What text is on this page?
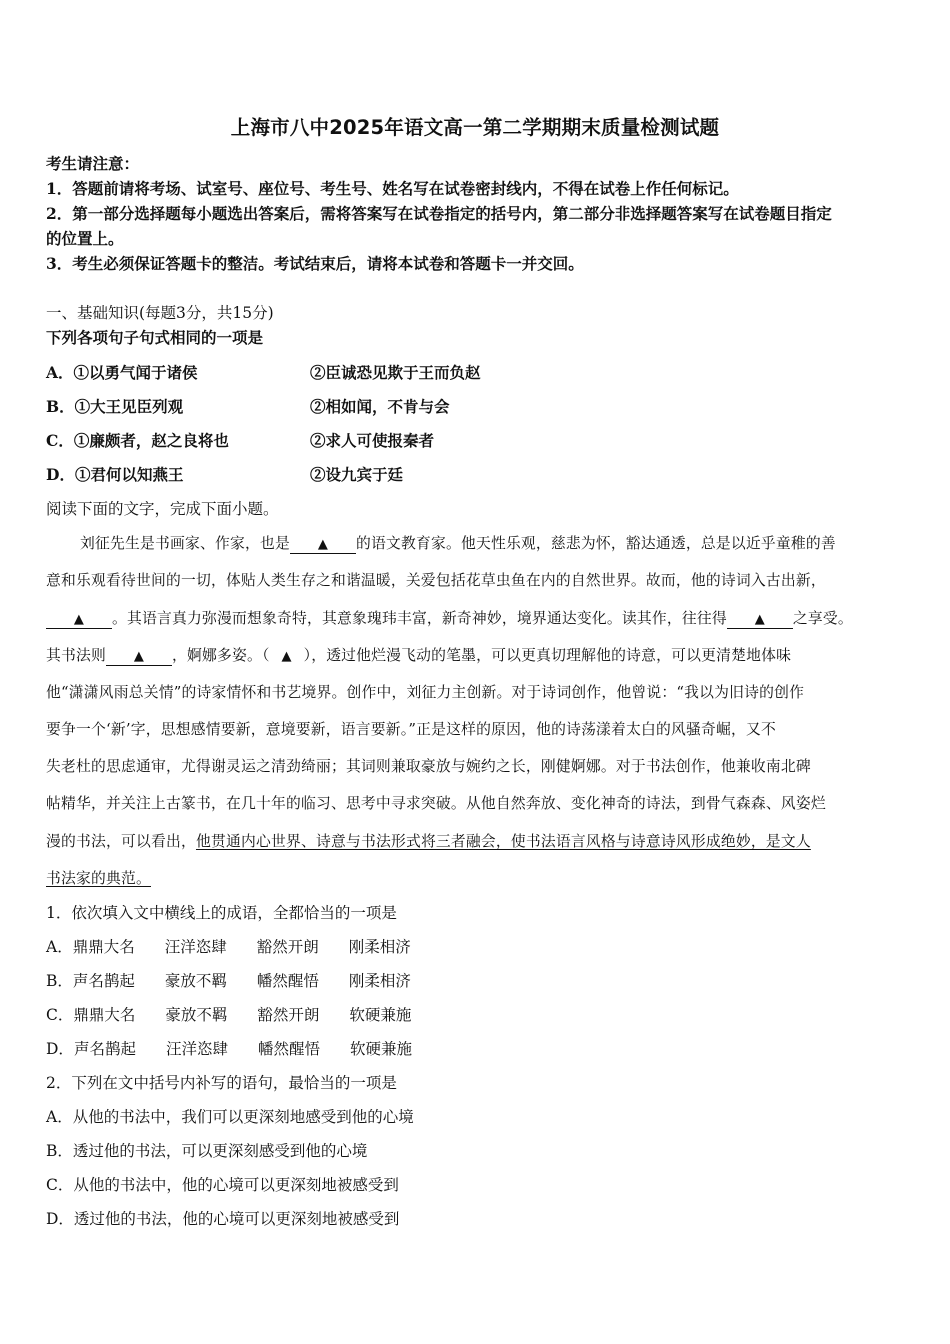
上海市八中2025年语文高一第二学期期末质量检测试题
考生请注意：
1．答题前请将考场、试室号、座位号、考生号、姓名写在试卷密封线内，不得在试卷上作任何标记。
2．第一部分选择题每小题选出答案后，需将答案写在试卷指定的括号内，第二部分非选择题答案写在试卷题目指定
的位置上。
3．考生必须保证答题卡的整洁。考试结束后，请将本试卷和答题卡一并交回。
一、基础知识(每题3分，共15分)
下列各项句子句式相同的一项是
A．①以勇气闻于诸侯	②臣诚恐见欺于王而负赵
B．①大王见臣列观	②相如闻，不肯与会
C．①廉颇者，赵之良将也	②求人可使报秦者
D．①君何以知燕王	②设九宾于廷
阅读下面的文字，完成下面小题。
刘征先生是书画家、作家，也是 ▲ 的语文教育家。他天性乐观，慈悲为怀，豁达通透，总是以近乎童稚的善
意和乐观看待世间的一切，体贴人类生存之和谐温暖，关爱包括花草虫鱼在内的自然世界。故而，他的诗词入古出新，
▲ 。其语言真力弥漫而想象奇特，其意象瑰玮丰富，新奇神妙，境界通达变化。读其作，往往得 ▲ 之享受。
其书法则 ▲ ，婀娜多姿。（ ▲ ），透过他烂漫飞动的笔墨，可以更真切理解他的诗意，可以更清楚地体味
他“潇潇风雨总关情”的诗家情怀和书艺境界。创作中，刘征力主创新。对于诗词创作，他曾说：“我以为旧诗的创作
要争一个‘新’字，思想感情要新，意境要新，语言要新。”正是这样的原因，他的诗荡漾着太白的风骚奇崛，又不
失老杜的思虑通审，尤得谢灵运之清劲绮丽；其词则兼取豪放与婉约之长，刚健婀娜。对于书法创作，他兼收南北碑
帖精华，并关注上古篆书，在几十年的临习、思考中寻求突破。从他自然奔放、变化神奇的诗法，到骨气森森、风姿烂
漫的书法，可以看出，他贯通内心世界、诗意与书法形式将三者融会，使书法语言风格与诗意诗风形成绝妙，是文人
书法家的典范。
1．依次填入文中横线上的成语，全都恰当的一项是
A．鼎鼎大名 汪洋恣肆 豁然开朗 刚柔相济
B．声名鹊起 豪放不羁 幡然醒悟 刚柔相济
C．鼎鼎大名 豪放不羁 豁然开朗 软硬兼施
D．声名鹊起 汪洋恣肆 幡然醒悟 软硬兼施
2．下列在文中括号内补写的语句，最恰当的一项是
A．从他的书法中，我们可以更深刻地感受到他的心境
B．透过他的书法，可以更深刻感受到他的心境
C．从他的书法中，他的心境可以更深刻地被感受到
D．透过他的书法，他的心境可以更深刻地被感受到
